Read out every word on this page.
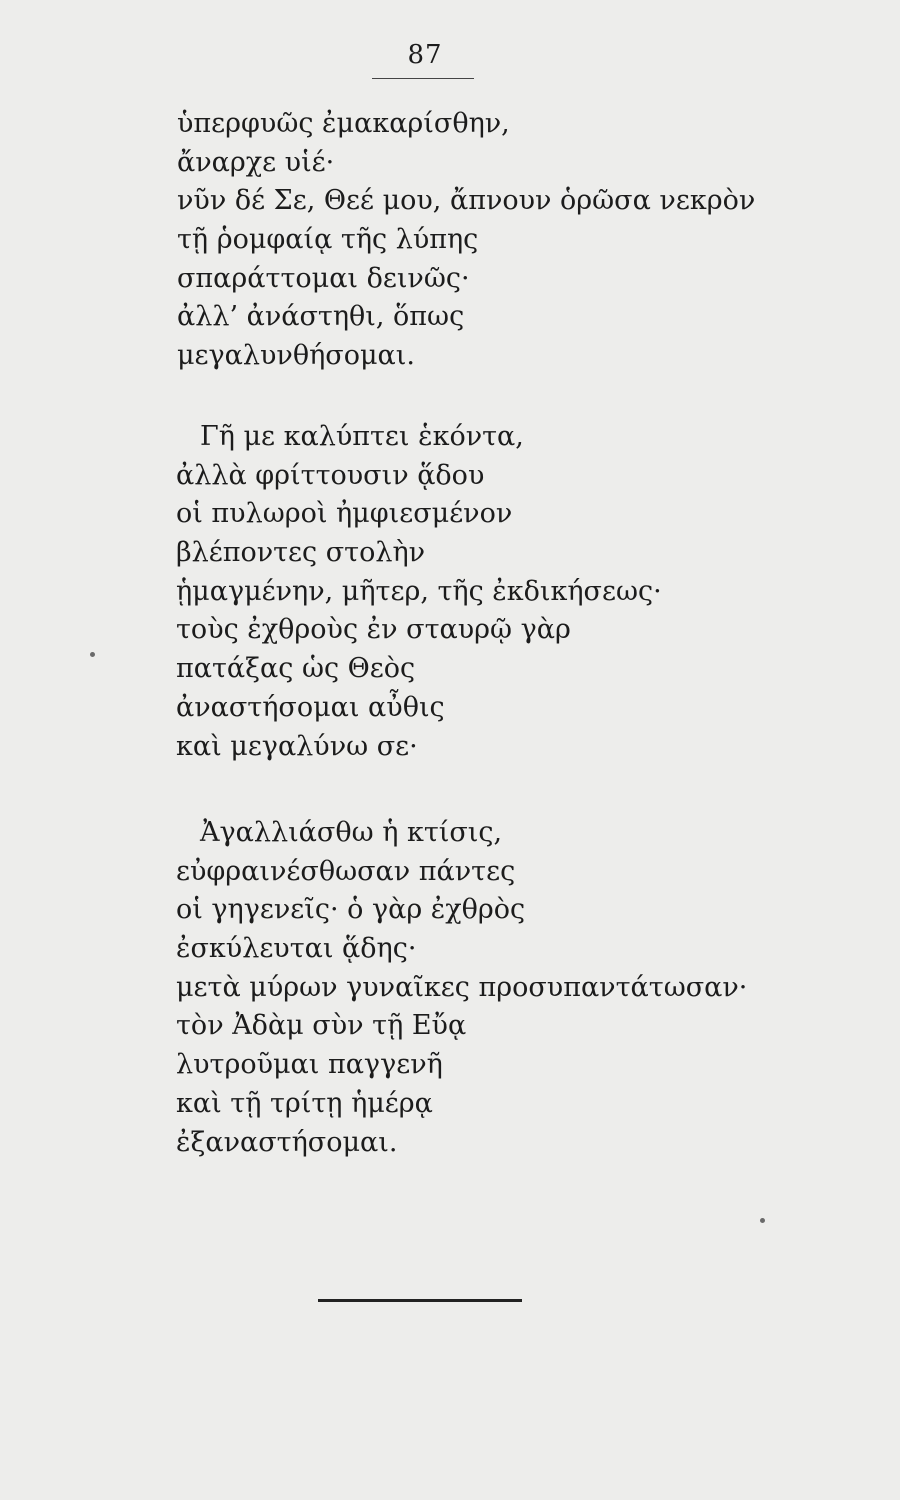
87
ὑπερφυῶς ἐμακαρίσθην,
ἄναρχε υἱέ·
νῦν δέ Σε, Θεέ μου, ἄπνουν ὁρῶσα νεκρὸν
τῇ ῥομφαίᾳ τῆς λύπης
σπαράττομαι δεινῶς·
ἀλλ’ ἀνάστηθι, ὅπως
μεγαλυνθήσομαι.
Γῆ με καλύπτει ἑκόντα,
ἀλλὰ φρίττουσιν ᾅδου
οἱ πυλωροὶ ἠμφιεσμένον
βλέποντες στολὴν
ᾑμαγμένην, μῆτερ, τῆς ἐκδικήσεως·
τοὺς ἐχθροὺς ἐν σταυρῷ γὰρ
πατάξας ὡς Θεὸς
ἀναστήσομαι αὖθις
καὶ μεγαλύνω σε·
Ἀγαλλιάσθω ἡ κτίσις,
εὐφραινέσθωσαν πάντες
οἱ γηγενεῖς· ὁ γὰρ ἐχθρὸς
ἐσκύλευται ᾅδης·
μετὰ μύρων γυναῖκες προσυπαντάτωσαν·
τὸν Ἀδὰμ σὺν τῇ Εὔᾳ
λυτροῦμαι παγγενῆ
καὶ τῇ τρίτῃ ἡμέρᾳ
ἐξαναστήσομαι.
